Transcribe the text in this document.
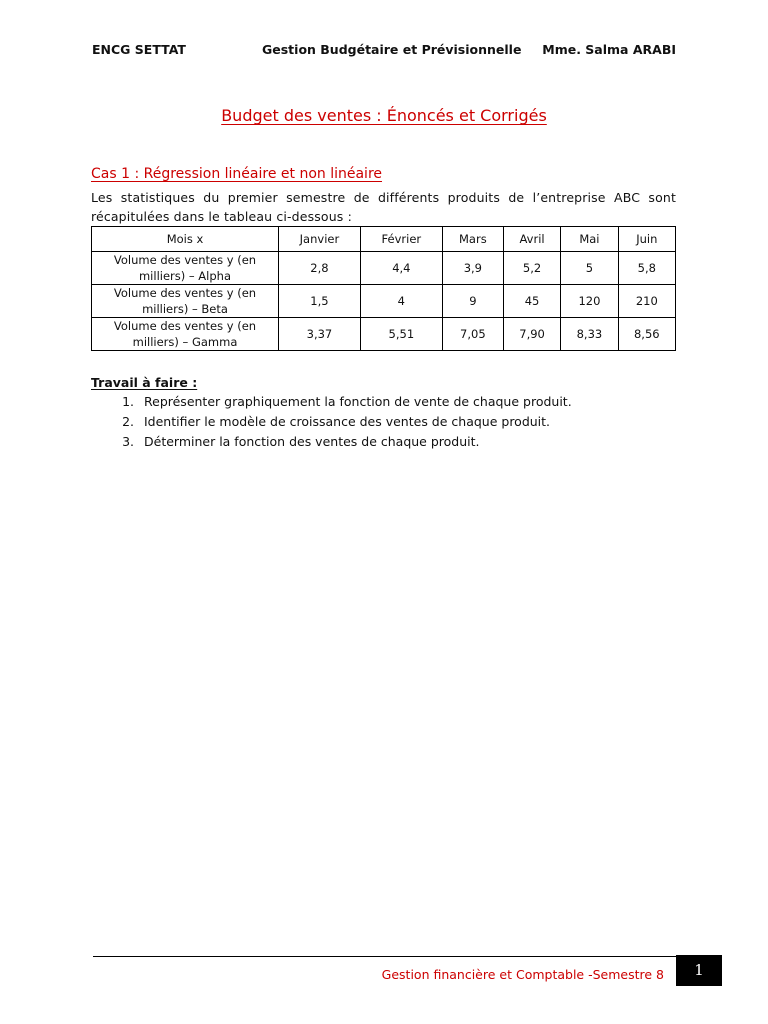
ENCG SETTAT	Gestion Budgétaire et Prévisionnelle Mme. Salma ARABI
Budget des ventes : Énoncés et Corrigés
Cas 1 : Régression linéaire et non linéaire
Les statistiques du premier semestre de différents produits de l’entreprise ABC sont récapitulées dans le tableau ci-dessous :
Mois x	Janvier	Février	Mars	Avril	Mai	Juin
Volume des ventes y (en
milliers) – Alpha	2,8	4,4	3,9	5,2	5	5,8
Volume des ventes y (en
milliers) – Beta	1,5	4	9	45	120	210
Volume des ventes y (en
milliers) – Gamma	3,37	5,51	7,05	7,90	8,33	8,56
Travail à faire :
1. Représenter graphiquement la fonction de vente de chaque produit.
2. Identifier le modèle de croissance des ventes de chaque produit.
3. Déterminer la fonction des ventes de chaque produit.
Gestion financière et Comptable -Semestre 8	1
